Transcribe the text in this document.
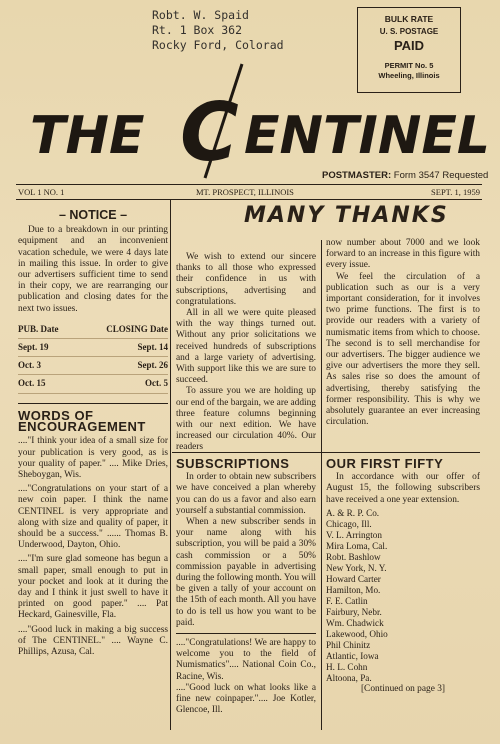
Robt. W. Spaid
Rt. 1 Box 362
Rocky Ford, Colorad
BULK RATE
U. S. POSTAGE
PAID
PERMIT No. 5
Wheeling, Illinois
THE C ENTINEL
POSTMASTER: Form 3547 Requested
VOL 1 NO. 1	MT. PROSPECT, ILLINOIS	SEPT. 1, 1959
– NOTICE –

Due to a breakdown in our printing equipment and an inconvenient vacation schedule, we were 4 days late in mailing this issue. In order to give our advertisers sufficient time to send in their copy, we are rearranging our publication and closing dates for the next two issues.

PUB. Date	CLOSING Date
Sept. 19	Sept. 14
Oct. 3	Sept. 26
Oct. 15	Oct. 5
WORDS OF
ENCOURAGEMENT

...."I think your idea of a small size for your publication is very good, as is your quality of paper." .... Mike Dries, Sheboygan, Wis.

...."Congratulations on your start of a new coin paper. I think the name CENTINEL is very appropriate and along with size and quality of paper, it should be a success." ...... Thomas B. Underwood, Dayton, Ohio.

...."I'm sure glad someone has begun a small paper, small enough to put in your pocket and look at it during the day and I think it just swell to have it printed on good paper." .... Pat Heckard, Gainesville, Fla.

...."Good luck in making a big success of The CENTINEL." .... Wayne C. Phillips, Azusa, Cal.

MANY THANKS

We wish to extend our sincere thanks to all those who expressed their confidence in us with subscriptions, advertising and congratulations.

All in all we were quite pleased with the way things turned out. Without any prior solicitations we received hundreds of subscriptions and a large variety of advertising. With support like this we are sure to succeed.

To assure you we are holding up our end of the bargain, we are adding three feature columns beginning with our next edition. We have increased our circulation 40%. Our readers

now number about 7000 and we look forward to an increase in this figure with every issue.

We feel the circulation of a publication such as our is a very important consideration, for it involves two prime functions. The first is to provide our readers with a variety of numismatic items from which to choose. The second is to sell merchandise for our advertisers. The bigger audience we give our advertisers the more they sell. As sales rise so does the amount of advertising, thereby satisfying the former responsibility. This is why we absolutely guarantee an ever increasing circulation.

SUBSCRIPTIONS

In order to obtain new subscribers we have conceived a plan whereby you can do us a favor and also earn yourself a substantial commission.

When a new subscriber sends in your name along with his subscription, you will be paid a 30% cash commission or a 50% commission payable in advertising during the following month. You will be given a tally of your account on the 15th of each month. All you have to do is tell us how you want to be paid.

...."Congratulations! We are happy to welcome you to the field of Numismatics".... National Coin Co., Racine, Wis.

...."Good luck on what looks like a fine new coinpaper.".... Joe Kotler, Glencoe, Ill.

OUR FIRST FIFTY

In accordance with our offer of August 15, the following subscribers have received a one year extension.

A. & R. P. Co.

Chicago, Ill.

V. L. Arrington

Mira Loma, Cal.

Robt. Bashlow

New York, N. Y.

Howard Carter

Hamilton, Mo.

F. E. Catlin

Fairbury, Nebr.

Wm. Chadwick

Lakewood, Ohio

Phil Chinitz

Atlantic, Iowa

H. L. Cohn

Altoona, Pa.

[Continued on page 3]
